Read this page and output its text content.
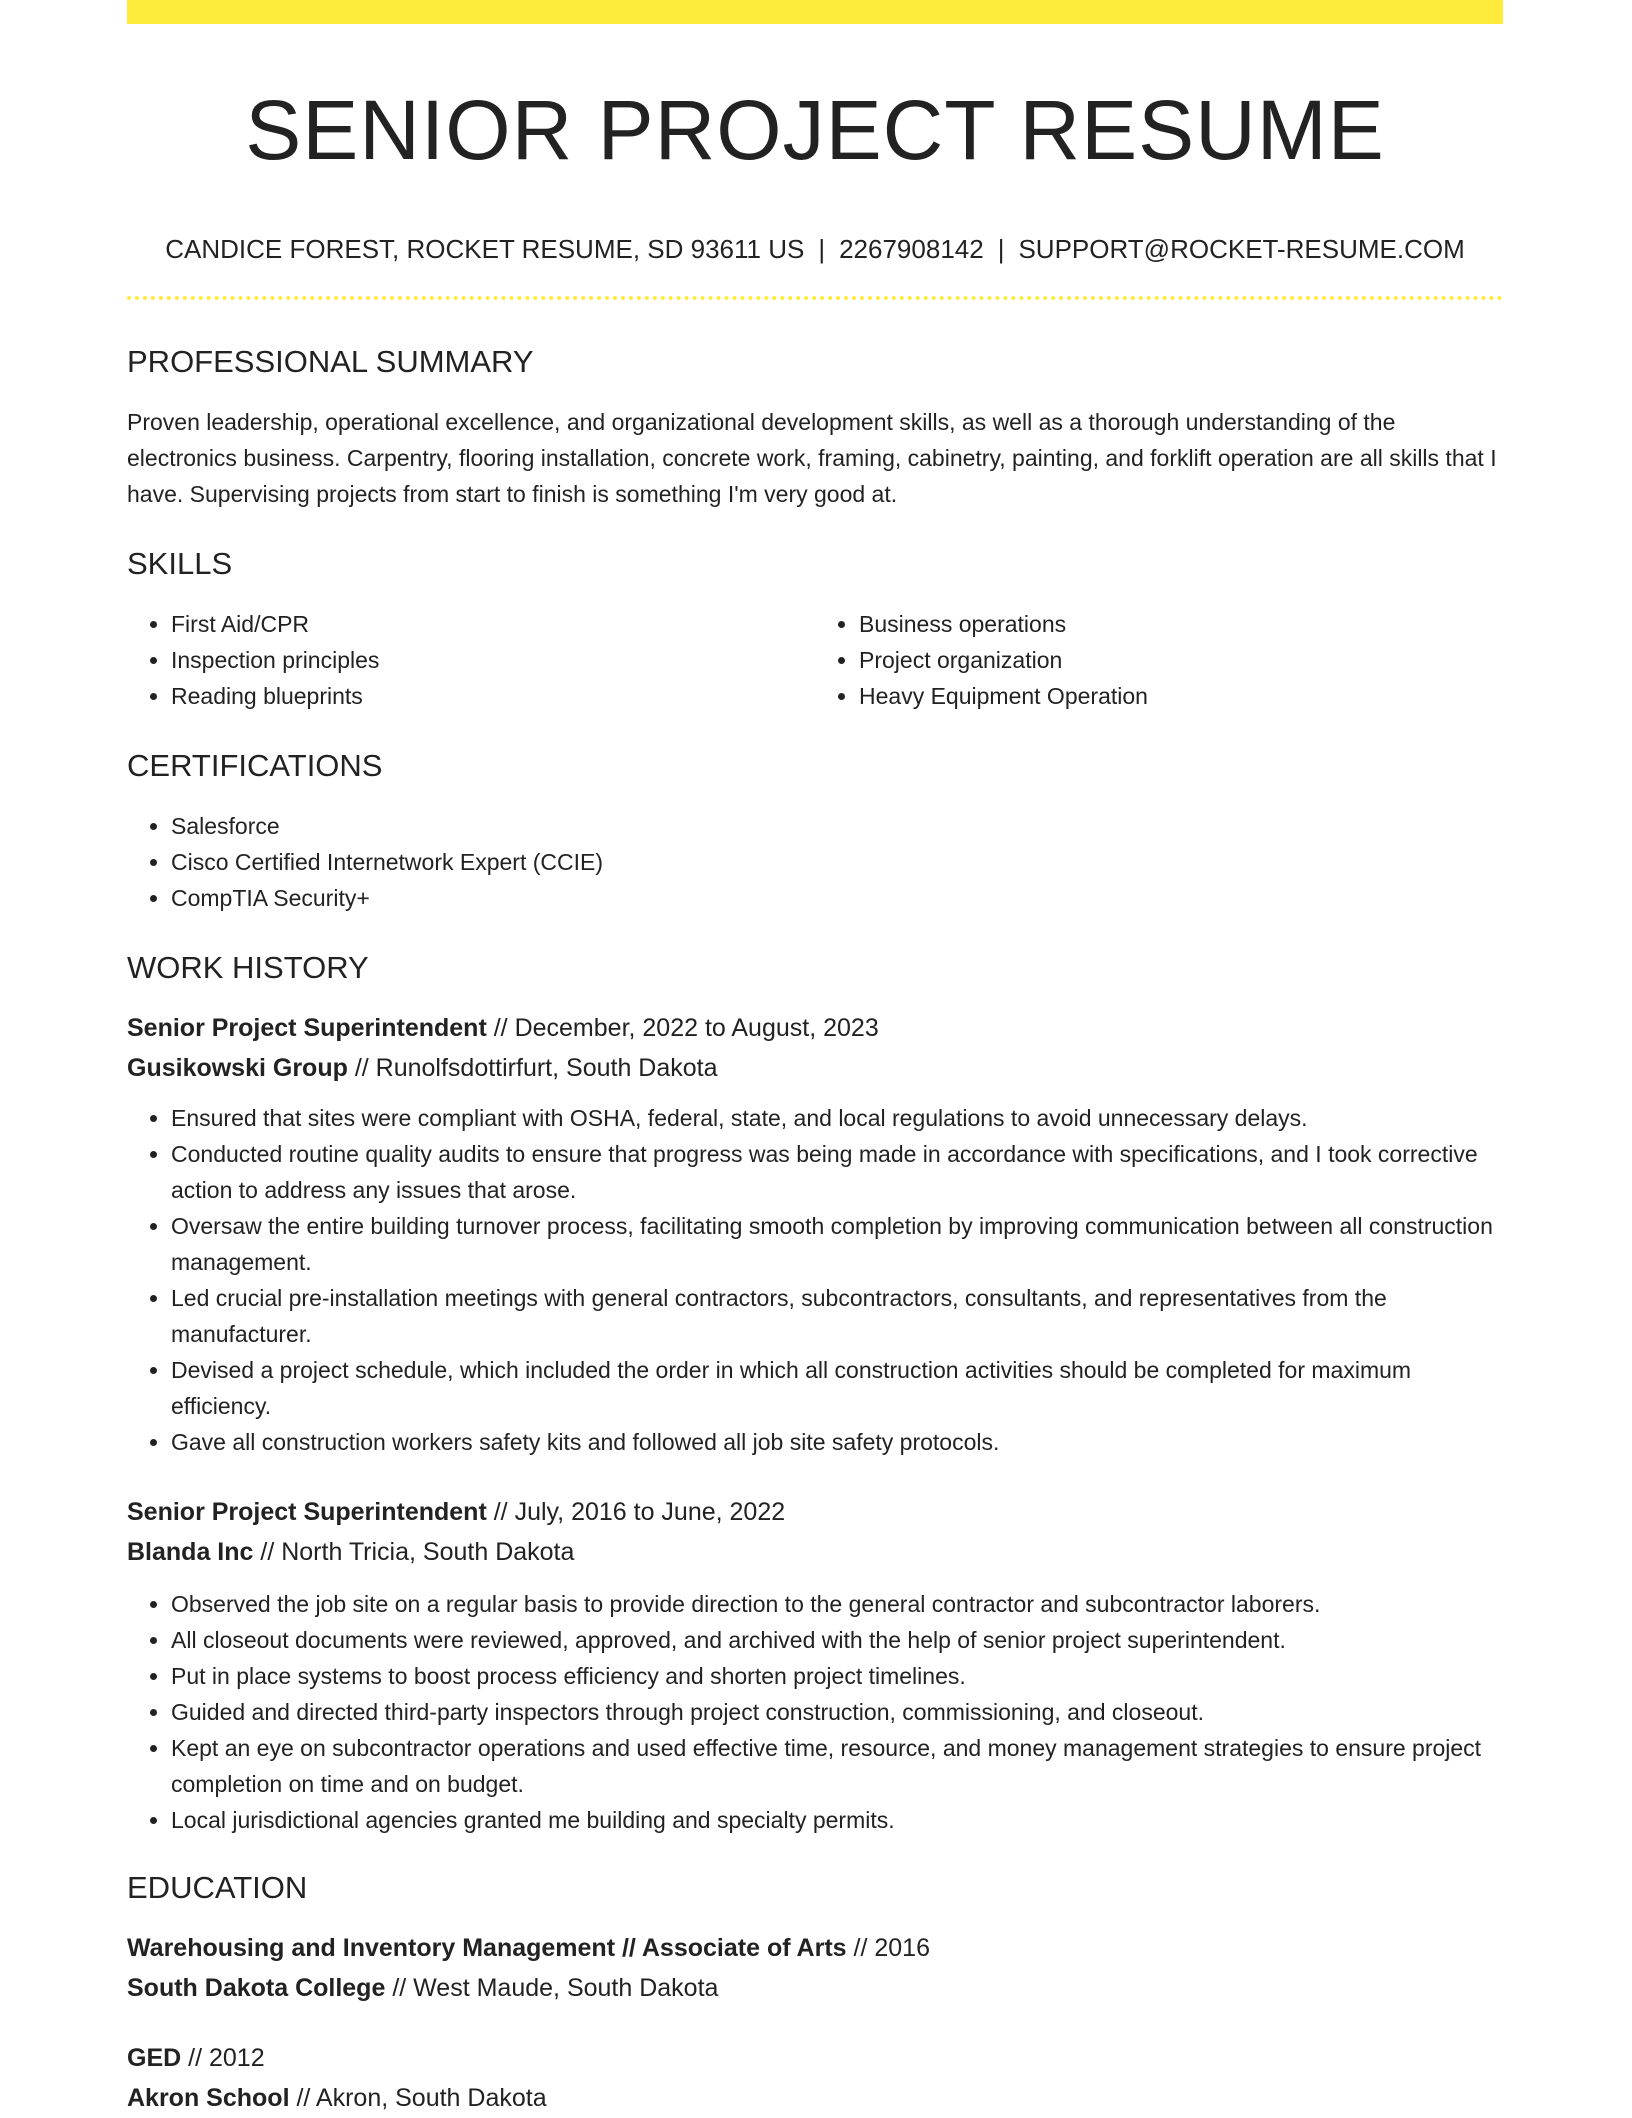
SENIOR PROJECT RESUME
CANDICE FOREST, ROCKET RESUME, SD 93611 US | 2267908142 | SUPPORT@ROCKET-RESUME.COM
PROFESSIONAL SUMMARY

Proven leadership, operational excellence, and organizational development skills, as well as a thorough understanding of the electronics business. Carpentry, flooring installation, concrete work, framing, cabinetry, painting, and forklift operation are all skills that I have. Supervising projects from start to finish is something I'm very good at.

SKILLS
• First Aid/CPR
• Inspection principles
• Reading blueprints
• Business operations
• Project organization
• Heavy Equipment Operation
CERTIFICATIONS
• Salesforce
• Cisco Certified Internetwork Expert (CCIE)
• CompTIA Security+
WORK HISTORY
Senior Project Superintendent // December, 2022 to August, 2023
Gusikowski Group // Runolfsdottirfurt, South Dakota
• Ensured that sites were compliant with OSHA, federal, state, and local regulations to avoid unnecessary delays.
• Conducted routine quality audits to ensure that progress was being made in accordance with specifications, and I took corrective action to address any issues that arose.
• Oversaw the entire building turnover process, facilitating smooth completion by improving communication between all construction management.
• Led crucial pre-installation meetings with general contractors, subcontractors, consultants, and representatives from the manufacturer.
• Devised a project schedule, which included the order in which all construction activities should be completed for maximum efficiency.
• Gave all construction workers safety kits and followed all job site safety protocols.
Senior Project Superintendent // July, 2016 to June, 2022
Blanda Inc // North Tricia, South Dakota
• Observed the job site on a regular basis to provide direction to the general contractor and subcontractor laborers.
• All closeout documents were reviewed, approved, and archived with the help of senior project superintendent.
• Put in place systems to boost process efficiency and shorten project timelines.
• Guided and directed third-party inspectors through project construction, commissioning, and closeout.
• Kept an eye on subcontractor operations and used effective time, resource, and money management strategies to ensure project completion on time and on budget.
• Local jurisdictional agencies granted me building and specialty permits.
EDUCATION
Warehousing and Inventory Management // Associate of Arts // 2016
South Dakota College // West Maude, South Dakota
GED // 2012
Akron School // Akron, South Dakota
